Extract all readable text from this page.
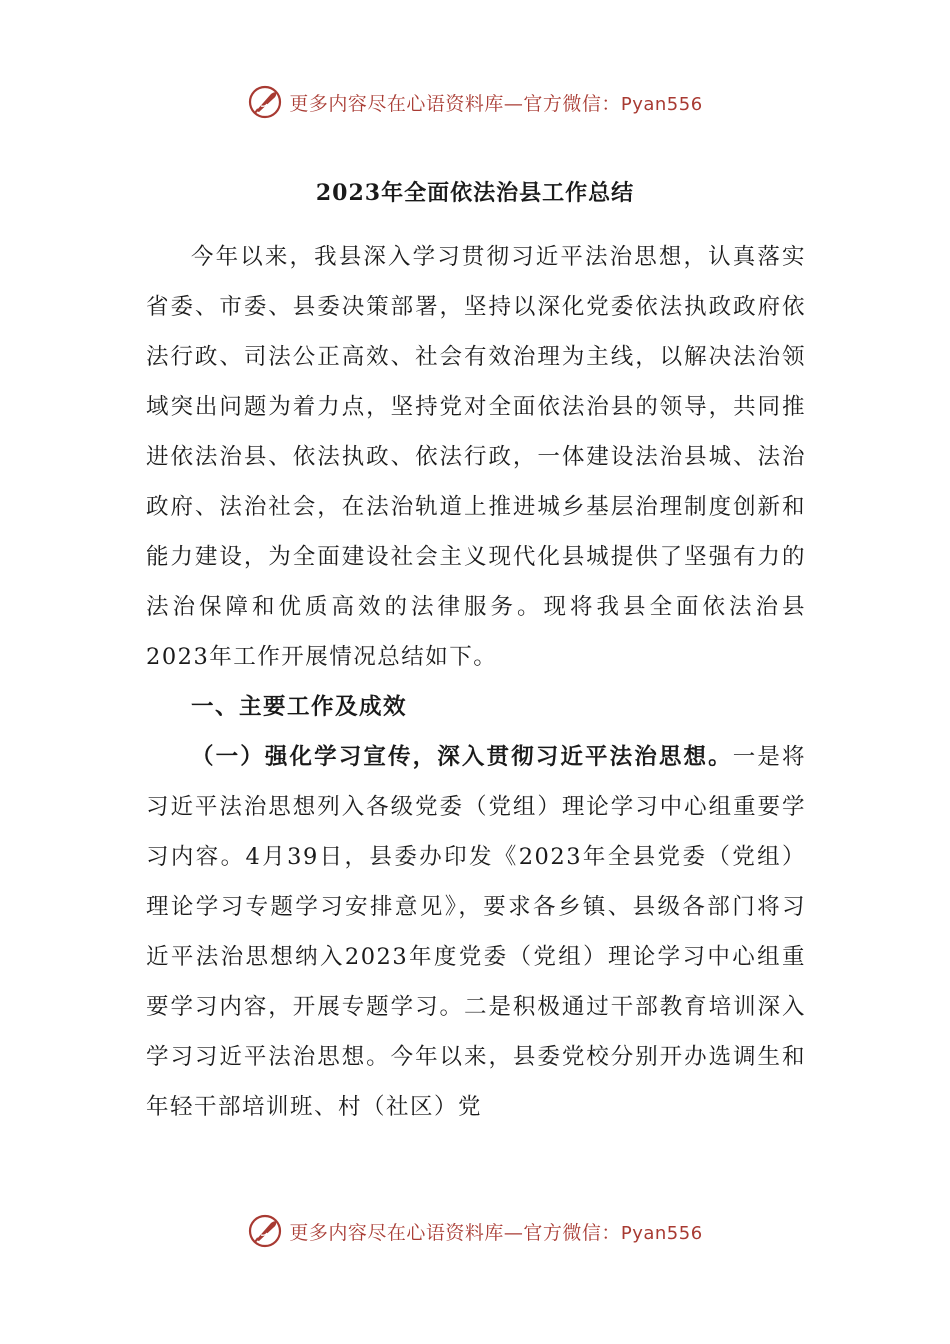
更多内容尽在心语资料库—官方微信：Pyan556
2023年全面依法治县工作总结

今年以来，我县深入学习贯彻习近平法治思想，认真落实省委、市委、县委决策部署，坚持以深化党委依法执政政府依法行政、司法公正高效、社会有效治理为主线，以解决法治领域突出问题为着力点，坚持党对全面依法治县的领导，共同推进依法治县、依法执政、依法行政，一体建设法治县城、法治政府、法治社会，在法治轨道上推进城乡基层治理制度创新和能力建设，为全面建设社会主义现代化县城提供了坚强有力的法治保障和优质高效的法律服务。现将我县全面依法治县2023年工作开展情况总结如下。

一、主要工作及成效

（一）强化学习宣传，深入贯彻习近平法治思想。一是将习近平法治思想列入各级党委（党组）理论学习中心组重要学习内容。4月39日，县委办印发《2023年全县党委（党组）理论学习专题学习安排意见》，要求各乡镇、县级各部门将习近平法治思想纳入2023年度党委（党组）理论学习中心组重要学习内容，开展专题学习。二是积极通过干部教育培训深入学习习近平法治思想。今年以来，县委党校分别开办选调生和年轻干部培训班、村（社区）党

更多内容尽在心语资料库—官方微信：Pyan556
